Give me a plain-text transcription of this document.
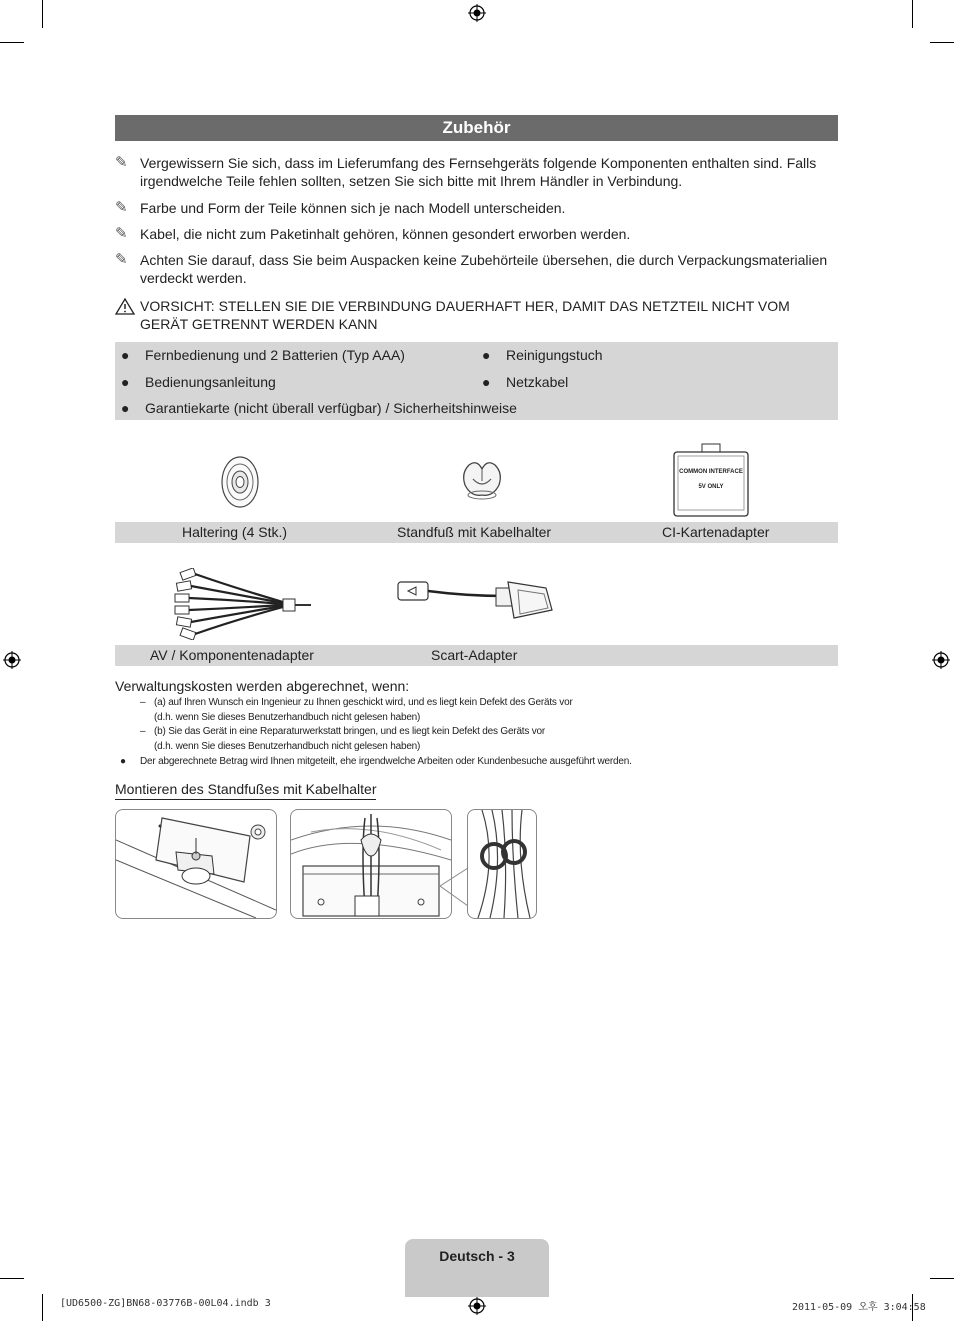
Zubehör
✎ Vergewissern Sie sich, dass im Lieferumfang des Fernsehgeräts folgende Komponenten enthalten sind. Falls irgendwelche Teile fehlen sollten, setzen Sie sich bitte mit Ihrem Händler in Verbindung.
✎ Farbe und Form der Teile können sich je nach Modell unterscheiden.
✎ Kabel, die nicht zum Paketinhalt gehören, können gesondert erworben werden.
✎ Achten Sie darauf, dass Sie beim Auspacken keine Zubehörteile übersehen, die durch Verpackungsmaterialien verdeckt werden.
VORSICHT: STELLEN SIE DIE VERBINDUNG DAUERHAFT HER, DAMIT DAS NETZTEIL NICHT VOM GERÄT GETRENNT WERDEN KANN
● Fernbedienung und 2 Batterien (Typ AAA)	● Reinigungstuch
● Bedienungsanleitung	● Netzkabel
● Garantiekarte (nicht überall verfügbar) / Sicherheitshinweise
COMMON INTERFACE
5V ONLY
Haltering (4 Stk.)	Standfuß mit Kabelhalter	CI-Kartenadapter
AV / Komponentenadapter	Scart-Adapter
Verwaltungskosten werden abgerechnet, wenn:
– (a) auf Ihren Wunsch ein Ingenieur zu Ihnen geschickt wird, und es liegt kein Defekt des Geräts vor
(d.h. wenn Sie dieses Benutzerhandbuch nicht gelesen haben)
– (b) Sie das Gerät in eine Reparaturwerkstatt bringen, und es liegt kein Defekt des Geräts vor
(d.h. wenn Sie dieses Benutzerhandbuch nicht gelesen haben)
● Der abgerechnete Betrag wird Ihnen mitgeteilt, ehe irgendwelche Arbeiten oder Kundenbesuche ausgeführt werden.
Montieren des Standfußes mit Kabelhalter
Deutsch - 3
[UD6500-ZG]BN68-03776B-00L04.indb 3	2011-05-09 오후 3:04:58
